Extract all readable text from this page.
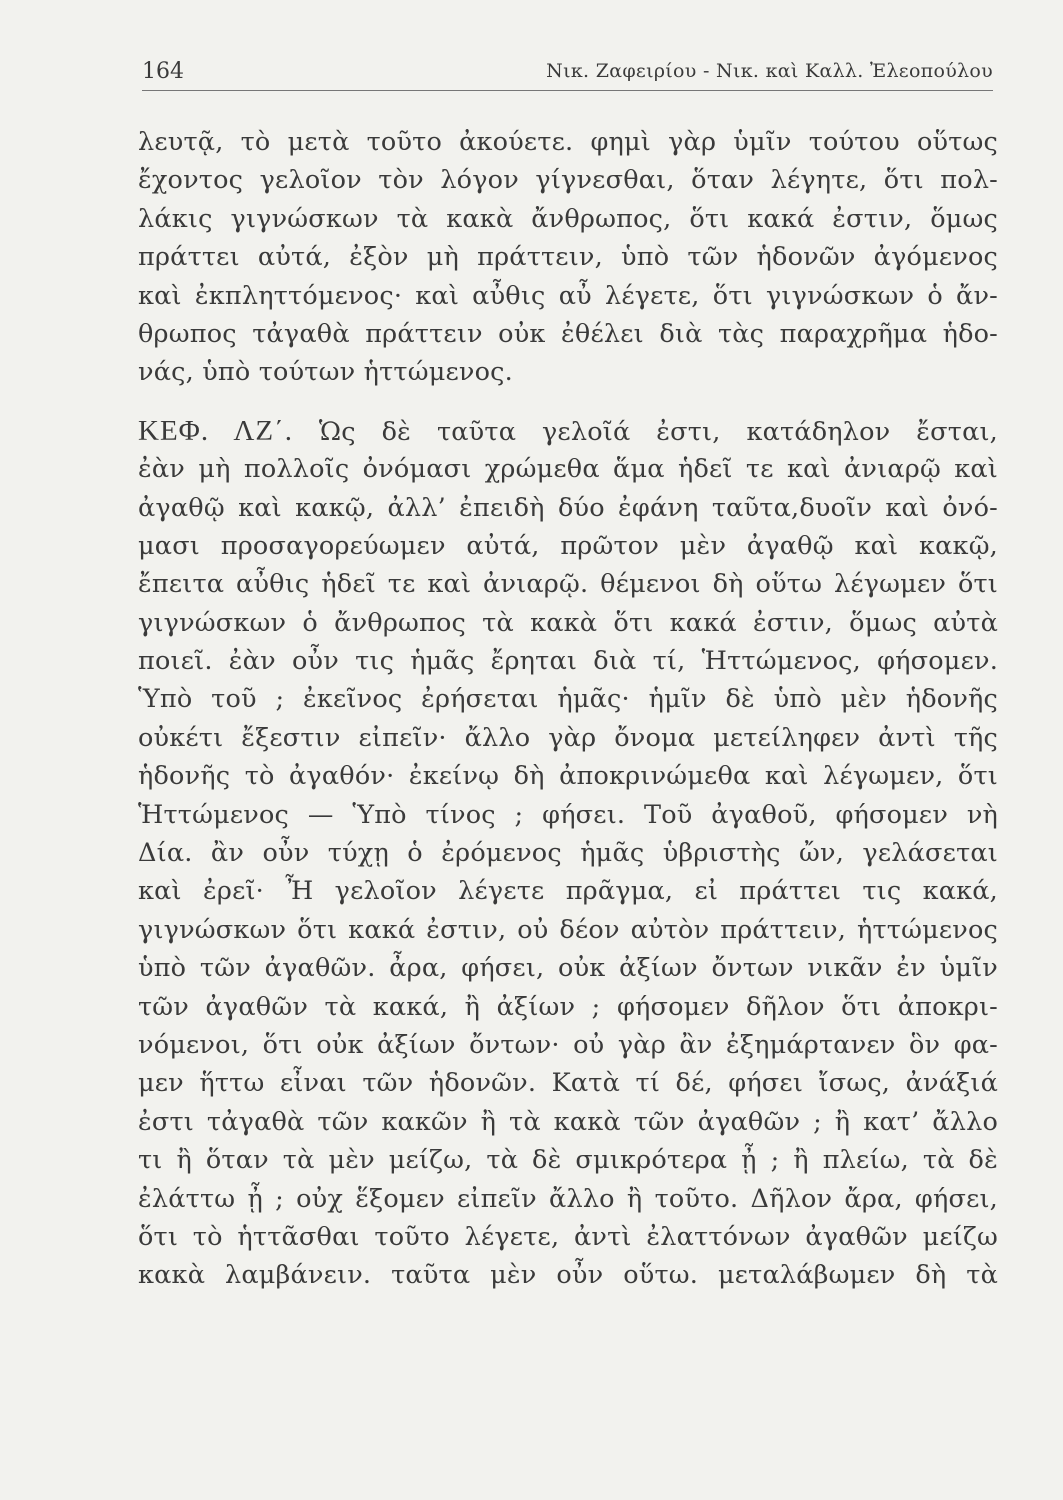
164	Νικ. Ζαφειρίου - Νικ. καὶ Καλλ. Ἐλεοπούλου
λευτᾷ, τὸ μετὰ τοῦτο ἀκούετε. φημὶ γὰρ ὑμῖν τούτου οὕτως
ἔχοντος γελοῖον τὸν λόγον γίγνεσθαι, ὅταν λέγητε, ὅτι πολ-
λάκις γιγνώσκων τὰ κακὰ ἄνθρωπος, ὅτι κακά ἐστιν, ὅμως
πράττει αὐτά, ἐξὸν μὴ πράττειν, ὑπὸ τῶν ἡδονῶν ἀγόμενος
καὶ ἐκπληττόμενος· καὶ αὖθις αὖ λέγετε, ὅτι γιγνώσκων ὁ ἄν-
θρωπος τἀγαθὰ πράττειν οὐκ ἐθέλει διὰ τὰς παραχρῆμα ἡδο-
νάς, ὑπὸ τούτων ἡττώμενος.
ΚΕΦ. ΛΖ΄. Ὡς δὲ ταῦτα γελοῖά ἐστι, κατάδηλον ἔσται,
ἐὰν μὴ πολλοῖς ὀνόμασι χρώμεθα ἅμα ἡδεῖ τε καὶ ἀνιαρῷ καὶ
ἀγαθῷ καὶ κακῷ, ἀλλ’ ἐπειδὴ δύο ἐφάνη ταῦτα,δυοῖν καὶ ὀνό-
μασι προσαγορεύωμεν αὐτά, πρῶτον μὲν ἀγαθῷ καὶ κακῷ,
ἔπειτα αὖθις ἡδεῖ τε καὶ ἀνιαρῷ. θέμενοι δὴ οὕτω λέγωμεν ὅτι
γιγνώσκων ὁ ἄνθρωπος τὰ κακὰ ὅτι κακά ἐστιν, ὅμως αὐτὰ
ποιεῖ. ἐὰν οὖν τις ἡμᾶς ἔρηται διὰ τί, Ἡττώμενος, φήσομεν.
Ὑπὸ τοῦ ; ἐκεῖνος ἐρήσεται ἡμᾶς· ἡμῖν δὲ ὑπὸ μὲν ἡδονῆς
οὐκέτι ἔξεστιν εἰπεῖν· ἄλλο γὰρ ὄνομα μετείληφεν ἀντὶ τῆς
ἡδονῆς τὸ ἀγαθόν· ἐκείνῳ δὴ ἀποκρινώμεθα καὶ λέγωμεν, ὅτι
Ἡττώμενος — Ὑπὸ τίνος ; φήσει. Τοῦ ἀγαθοῦ, φήσομεν νὴ
Δία. ἂν οὖν τύχῃ ὁ ἐρόμενος ἡμᾶς ὑβριστὴς ὤν, γελάσεται
καὶ ἐρεῖ· Ἦ γελοῖον λέγετε πρᾶγμα, εἰ πράττει τις κακά,
γιγνώσκων ὅτι κακά ἐστιν, οὐ δέον αὐτὸν πράττειν, ἡττώμενος
ὑπὸ τῶν ἀγαθῶν. ἆρα, φήσει, οὐκ ἀξίων ὄντων νικᾶν ἐν ὑμῖν
τῶν ἀγαθῶν τὰ κακά, ἢ ἀξίων ; φήσομεν δῆλον ὅτι ἀποκρι-
νόμενοι, ὅτι οὐκ ἀξίων ὄντων· οὐ γὰρ ἂν ἐξημάρτανεν ὃν φα-
μεν ἥττω εἶναι τῶν ἡδονῶν. Κατὰ τί δέ, φήσει ἴσως, ἀνάξιά
ἐστι τἀγαθὰ τῶν κακῶν ἢ τὰ κακὰ τῶν ἀγαθῶν ; ἢ κατ’ ἄλλο
τι ἢ ὅταν τὰ μὲν μείζω, τὰ δὲ σμικρότερα ᾖ ; ἢ πλείω, τὰ δὲ
ἐλάττω ᾖ ; οὐχ ἕξομεν εἰπεῖν ἄλλο ἢ τοῦτο. Δῆλον ἄρα, φήσει,
ὅτι τὸ ἡττᾶσθαι τοῦτο λέγετε, ἀντὶ ἐλαττόνων ἀγαθῶν μείζω
κακὰ λαμβάνειν. ταῦτα μὲν οὖν οὕτω. μεταλάβωμεν δὴ τὰ
